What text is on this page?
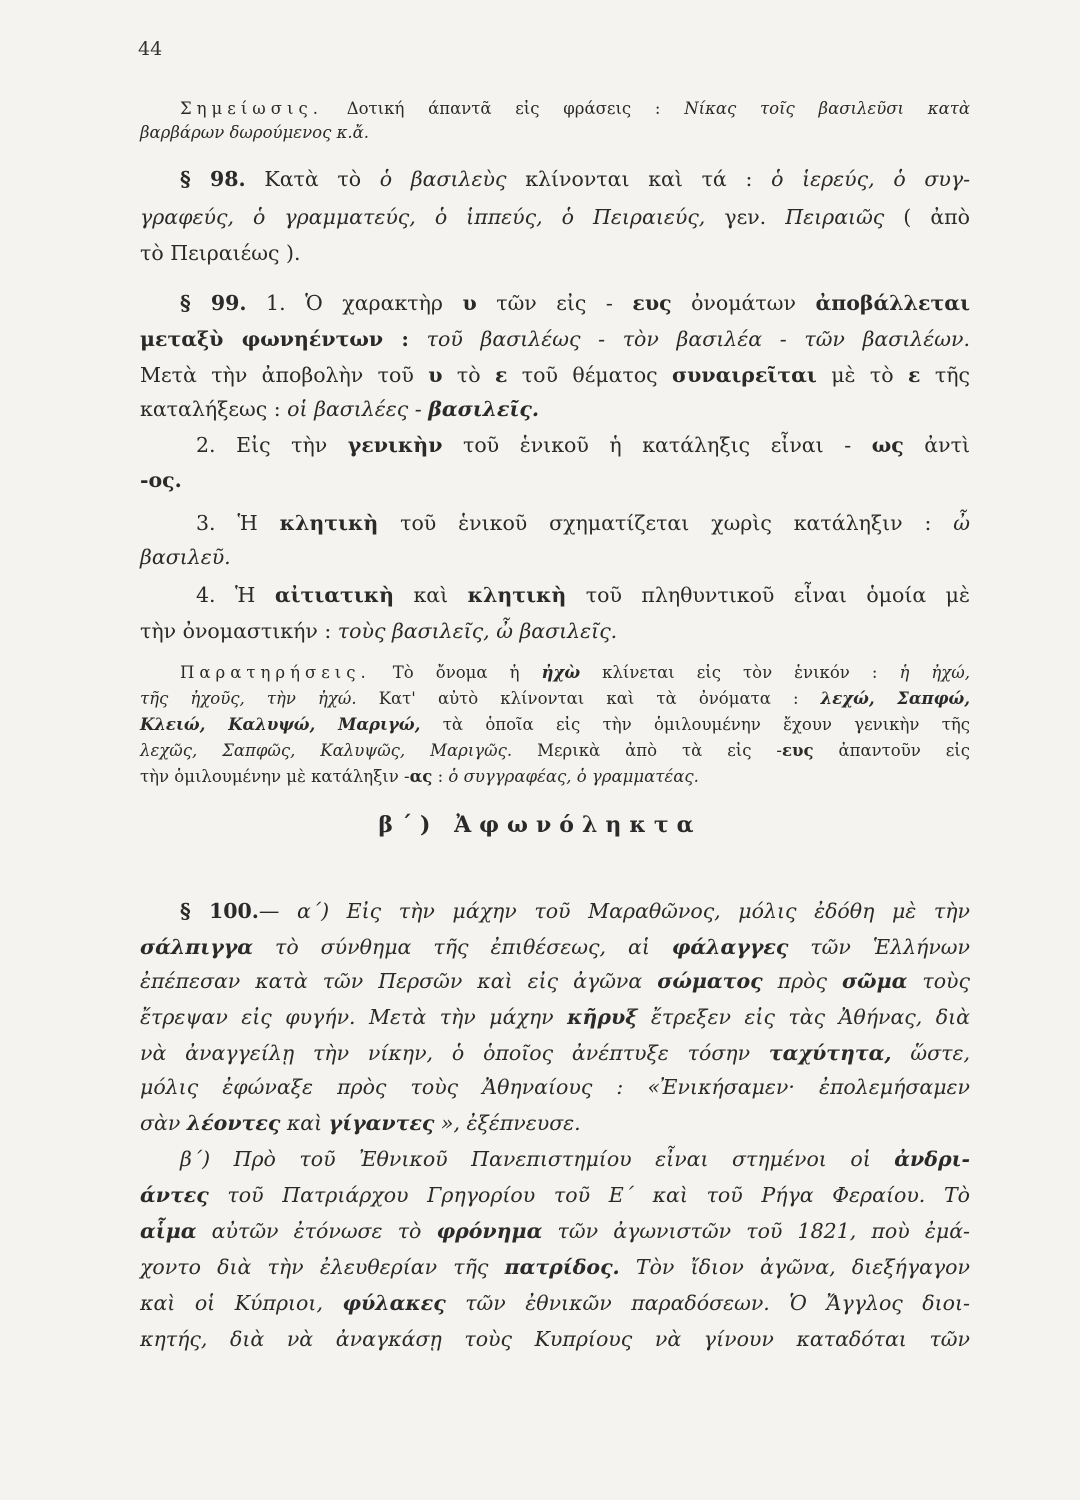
44
Σημείωσις. Δοτική άπαντᾶ εἰς φράσεις : Νίκας τοῖς βασιλεῦσι κατὰ
βαρβάρων δωρούμενος κ.ἄ.
§ 98. Κατὰ τὸ ὁ βασιλεὺς κλίνονται καὶ τά : ὁ ἱερεύς, ὁ συγ-
γραφεύς, ὁ γραμματεύς, ὁ ἱππεύς, ὁ Πειραιεύς, γεν. Πειραιῶς ( ἀπὸ
τὸ Πειραιέως ).
§ 99. 1. Ὁ χαρακτὴρ υ τῶν εἰς - ευς ὀνομάτων ἀποβάλλεται
μεταξὺ φωνηέντων : τοῦ βασιλέως - τὸν βασιλέα - τῶν βασιλέων.
Μετὰ τὴν ἀποβολὴν τοῦ υ τὸ ε τοῦ θέματος συναιρεῖται μὲ τὸ ε τῆς
καταλήξεως : οἱ βασιλέες - βασιλεῖς.
2. Εἰς τὴν γενικὴν τοῦ ἑνικοῦ ἡ κατάληξις εἶναι - ως ἀντὶ
-ος.
3. Ἡ κλητικὴ τοῦ ἑνικοῦ σχηματίζεται χωρὶς κατάληξιν : ὦ
βασιλεῦ.
4. Ἡ αἰτιατικὴ καὶ κλητικὴ τοῦ πληθυντικοῦ εἶναι ὁμοία μὲ
τὴν ὀνομαστικήν : τοὺς βασιλεῖς, ὦ βασιλεῖς.
Παρατηρήσεις. Τὸ ὄνομα ἡ ἠχὼ κλίνεται εἰς τὸν ἑνικόν : ἡ ἠχώ,
τῆς ἠχοῦς, τὴν ἠχώ. Κατ' αὐτὸ κλίνονται καὶ τὰ ὀνόματα : λεχώ, Σαπφώ,
Κλειώ, Καλυψώ, Μαριγώ, τὰ ὁποῖα εἰς τὴν ὁμιλουμένην ἔχουν γενικὴν τῆς
λεχῶς, Σαπφῶς, Καλυψῶς, Μαριγῶς. Μερικὰ ἀπὸ τὰ εἰς -ευς ἀπαντοῦν εἰς
τὴν ὁμιλουμένην μὲ κατάληξιν -ας : ὁ συγγραφέας, ὁ γραμματέας.
β΄) Ἀφωνόληκτα
§ 100.— α΄) Εἰς τὴν μάχην τοῦ Μαραθῶνος, μόλις ἐδόθη μὲ τὴν
σάλπιγγα τὸ σύνθημα τῆς ἐπιθέσεως, αἱ φάλαγγες τῶν Ἑλλήνων
ἐπέπεσαν κατὰ τῶν Περσῶν καὶ εἰς ἀγῶνα σώματος πρὸς σῶμα τοὺς
ἔτρεψαν εἰς φυγήν. Μετὰ τὴν μάχην κῆρυξ ἔτρεξεν εἰς τὰς Ἀθήνας, διὰ
νὰ ἀναγγείλῃ τὴν νίκην, ὁ ὁποῖος ἀνέπτυξε τόσην ταχύτητα, ὥστε,
μόλις ἐφώναξε πρὸς τοὺς Ἀθηναίους : «Ἐνικήσαμεν· ἐπολεμήσαμεν
σὰν λέοντες καὶ γίγαντες », ἐξέπνευσε.
β΄) Πρὸ τοῦ Ἐθνικοῦ Πανεπιστημίου εἶναι στημένοι οἱ ἀνδρι-
άντες τοῦ Πατριάρχου Γρηγορίου τοῦ Ε΄ καὶ τοῦ Ρήγα Φεραίου. Τὸ
αἷμα αὐτῶν ἐτόνωσε τὸ φρόνημα τῶν ἀγωνιστῶν τοῦ 1821, ποὺ ἐμά-
χοντο διὰ τὴν ἐλευθερίαν τῆς πατρίδος. Τὸν ἴδιον ἀγῶνα, διεξήγαγον
καὶ οἱ Κύπριοι, φύλακες τῶν ἐθνικῶν παραδόσεων. Ὁ Ἄγγλος διοι-
κητής, διὰ νὰ ἀναγκάσῃ τοὺς Κυπρίους νὰ γίνουν καταδόται τῶν
